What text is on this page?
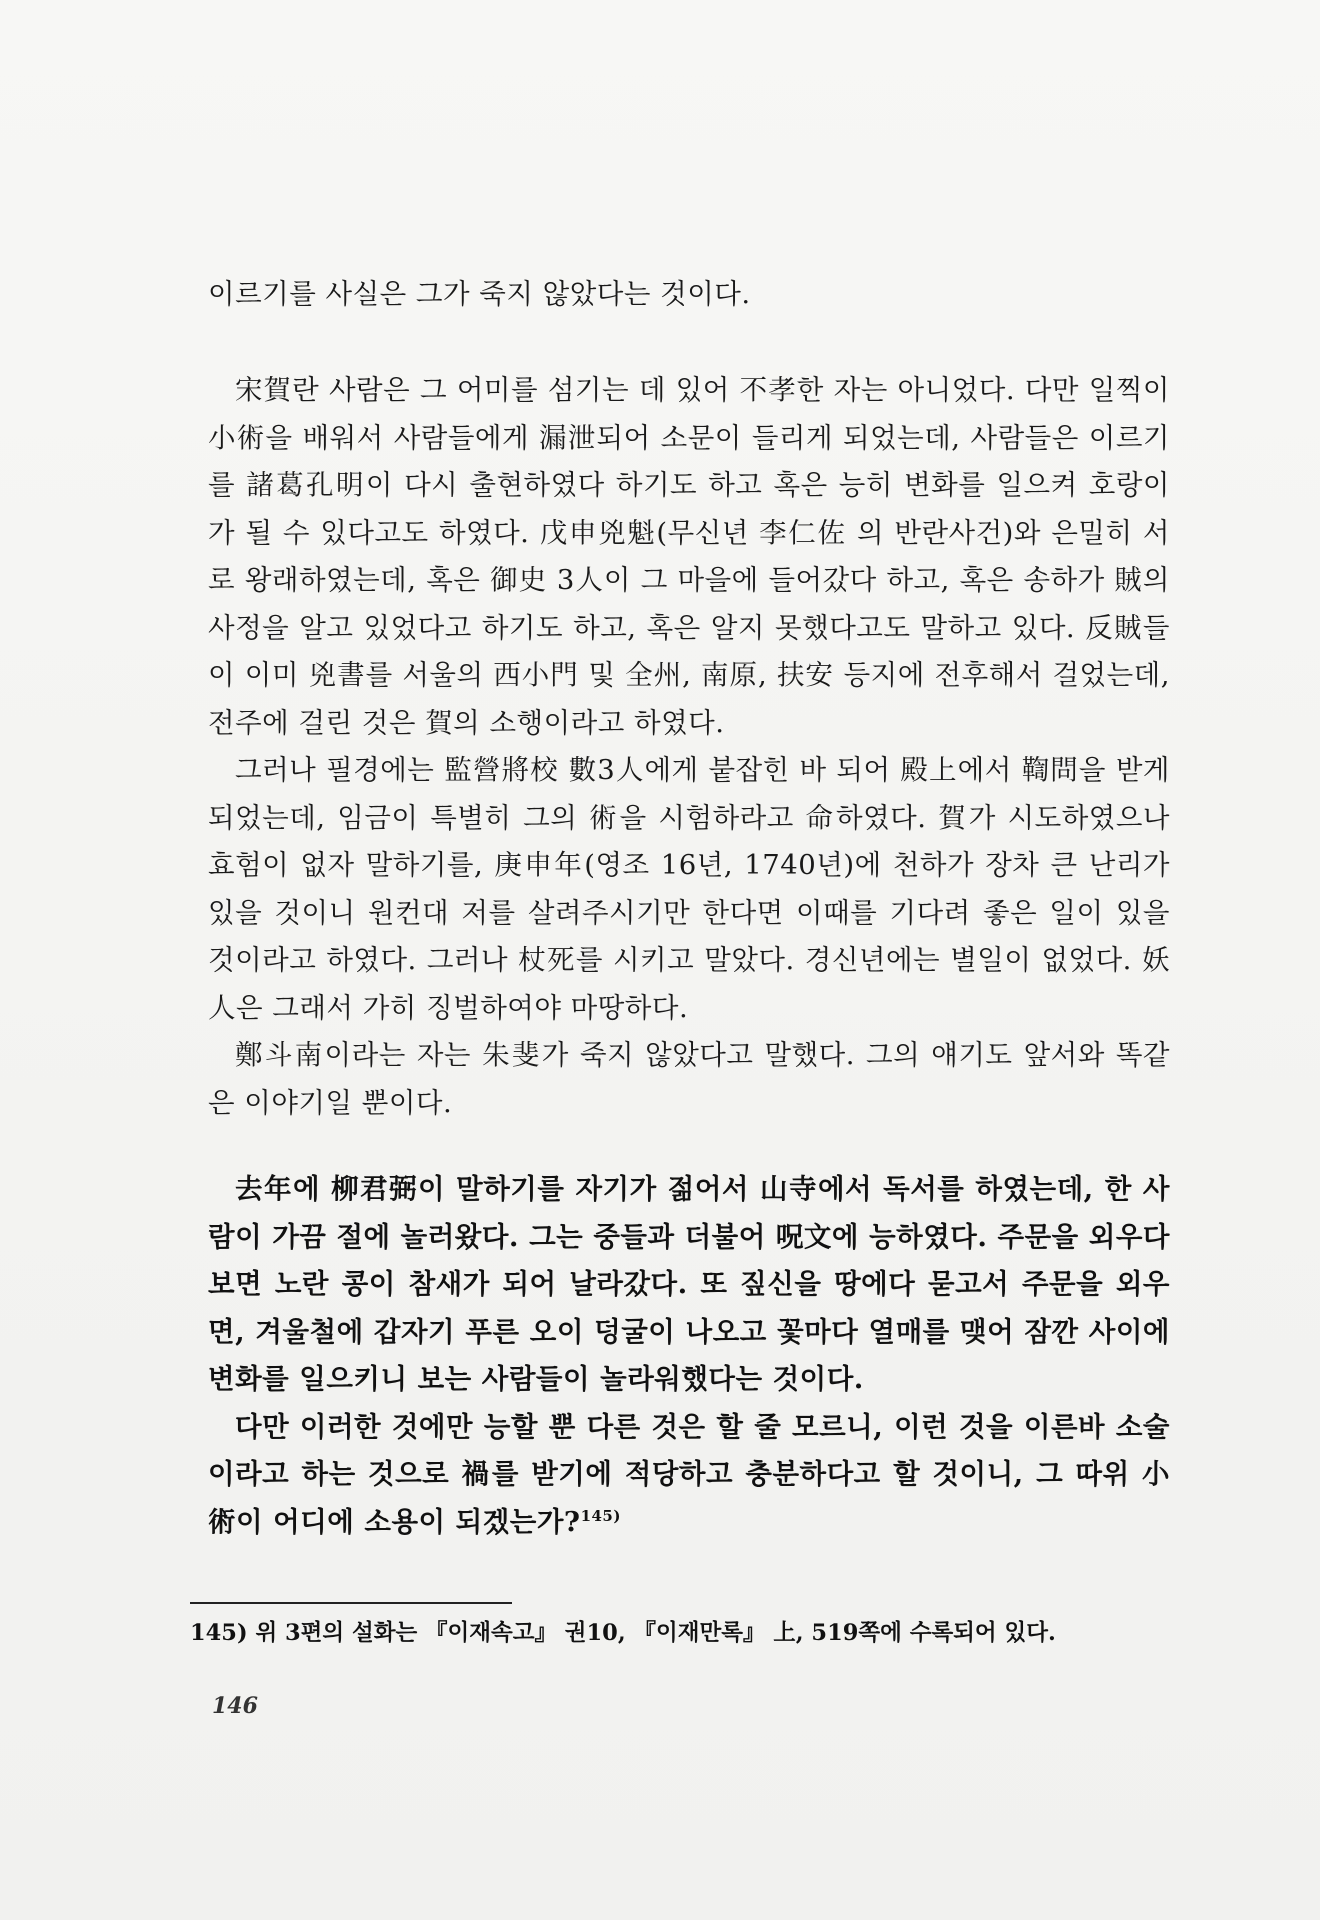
이르기를 사실은 그가 죽지 않았다는 것이다.

宋賀란 사람은 그 어미를 섬기는 데 있어 不孝한 자는 아니었다. 다만 일찍이 小術을 배워서 사람들에게 漏泄되어 소문이 들리게 되었는데, 사람들은 이르기를 諸葛孔明이 다시 출현하였다 하기도 하고 혹은 능히 변화를 일으켜 호랑이가 될 수 있다고도 하였다. 戊申兇魁(무신년 李仁佐 의 반란사건)와 은밀히 서로 왕래하였는데, 혹은 御史 3人이 그 마을에 들어갔다 하고, 혹은 송하가 賊의 사정을 알고 있었다고 하기도 하고, 혹은 알지 못했다고도 말하고 있다. 反賊들이 이미 兇書를 서울의 西小門 및 全州, 南原, 扶安 등지에 전후해서 걸었는데, 전주에 걸린 것은 賀의 소행이라고 하였다.

그러나 필경에는 監營將校 數3人에게 붙잡힌 바 되어 殿上에서 鞫問을 받게 되었는데, 임금이 특별히 그의 術을 시험하라고 命하였다. 賀가 시도하였으나 효험이 없자 말하기를, 庚申年(영조 16년, 1740년)에 천하가 장차 큰 난리가 있을 것이니 원컨대 저를 살려주시기만 한다면 이때를 기다려 좋은 일이 있을 것이라고 하였다. 그러나 杖死를 시키고 말았다. 경신년에는 별일이 없었다. 妖人은 그래서 가히 징벌하여야 마땅하다.

鄭斗南이라는 자는 朱斐가 죽지 않았다고 말했다. 그의 얘기도 앞서와 똑같은 이야기일 뿐이다.

去年에 柳君弼이 말하기를 자기가 젊어서 山寺에서 독서를 하였는데, 한 사람이 가끔 절에 놀러왔다. 그는 중들과 더불어 呪文에 능하였다. 주문을 외우다 보면 노란 콩이 참새가 되어 날라갔다. 또 짚신을 땅에다 묻고서 주문을 외우면, 겨울철에 갑자기 푸른 오이 덩굴이 나오고 꽃마다 열매를 맺어 잠깐 사이에 변화를 일으키니 보는 사람들이 놀라워했다는 것이다.

다만 이러한 것에만 능할 뿐 다른 것은 할 줄 모르니, 이런 것을 이른바 소술이라고 하는 것으로 禍를 받기에 적당하고 충분하다고 할 것이니, 그 따위 小術이 어디에 소용이 되겠는가?$^{145)}$

145) 위 3편의 설화는 『이재속고』 권10, 『이재만록』 上, 519쪽에 수록되어 있다.
146
